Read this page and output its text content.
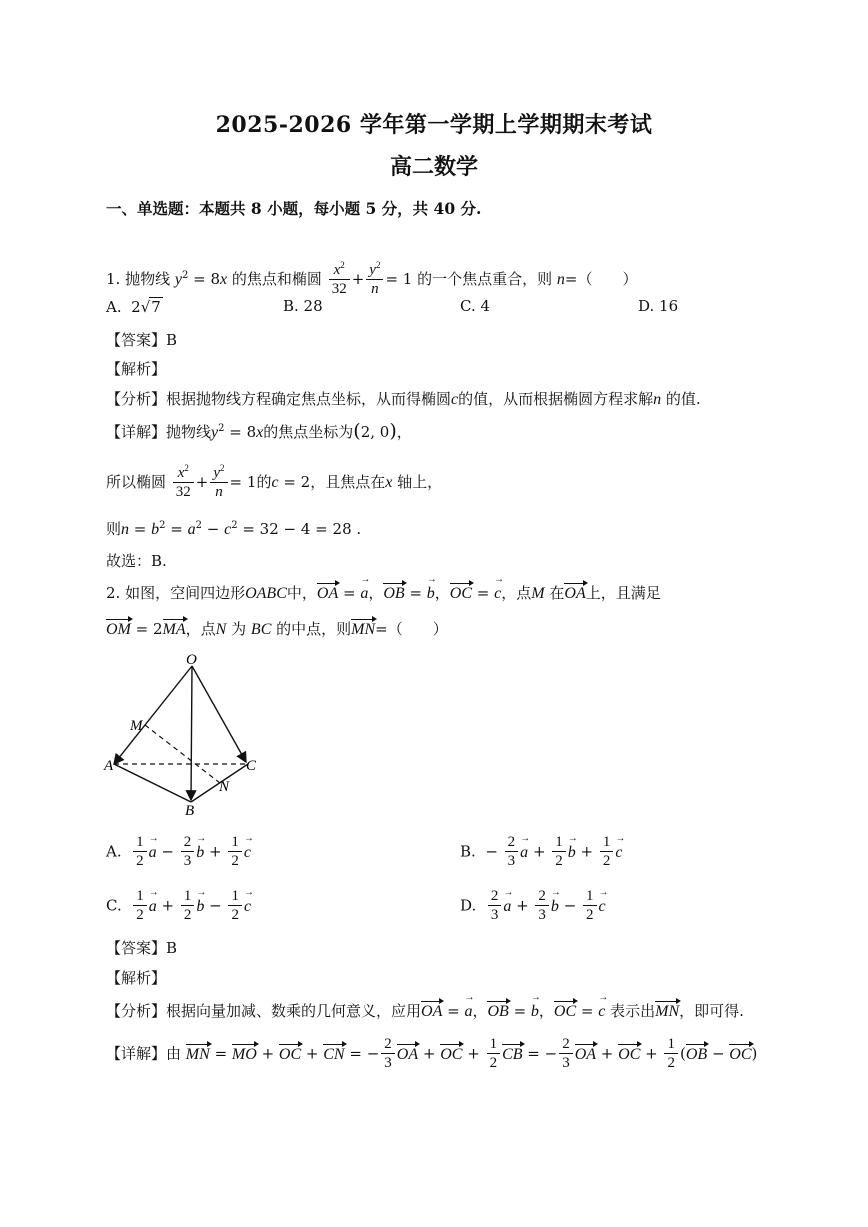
2025-2026 学年第一学期上学期期末考试
高二数学
一、单选题：本题共 8 小题，每小题 5 分，共 40 分.
1. 抛物线 $y^2 = 8x$ 的焦点和椭圆 $\frac{x^2}{32} + \frac{y^2}{n} = 1$ 的一个焦点重合，则 n=（　　）
A.  2√7	B. 28	C. 4	D. 16
【答案】B
【解析】
【分析】根据抛物线方程确定焦点坐标，从而得椭圆c的值，从而根据椭圆方程求解n 的值.
【详解】抛物线$y^2 = 8x$的焦点坐标为(2, 0)，
所以椭圆 $\frac{x^2}{32} + \frac{y^2}{n} = 1$的c = 2，且焦点在x 轴上，
则$n = b^2 = a^2 - c^2 = 32 - 4 = 28$ .
故选：B.
2. 如图，空间四边形OABC中，OA = a →，OB = b →，OC = c →，点M 在OA上，且满足
OM = 2MA，点N 为 BC 的中点，则MN=（　　）
O
M
A	C
N
B
A. $\frac{1}{2}$ a → − $\frac{2}{3}$ b → + $\frac{1}{2}$ c →	B.  − $\frac{2}{3}$ a → + $\frac{1}{2}$ b → + $\frac{1}{2}$ c →
C. $\frac{1}{2}$ a → + $\frac{1}{2}$ b → − $\frac{1}{2}$ c →	D. $\frac{2}{3}$ a → + $\frac{2}{3}$ b → − $\frac{1}{2}$ c →
【答案】B
【解析】
【分析】根据向量加减、数乘的几何意义，应用OA = a →，OB = b →，OC = c → 表示出MN，即可得.
【详解】由 MN = MO + OC + CN = − $\frac{2}{3}$ OA + OC + $\frac{1}{2}$ CB = − $\frac{2}{3}$ OA + OC + $\frac{1}{2} (OB - OC)$
